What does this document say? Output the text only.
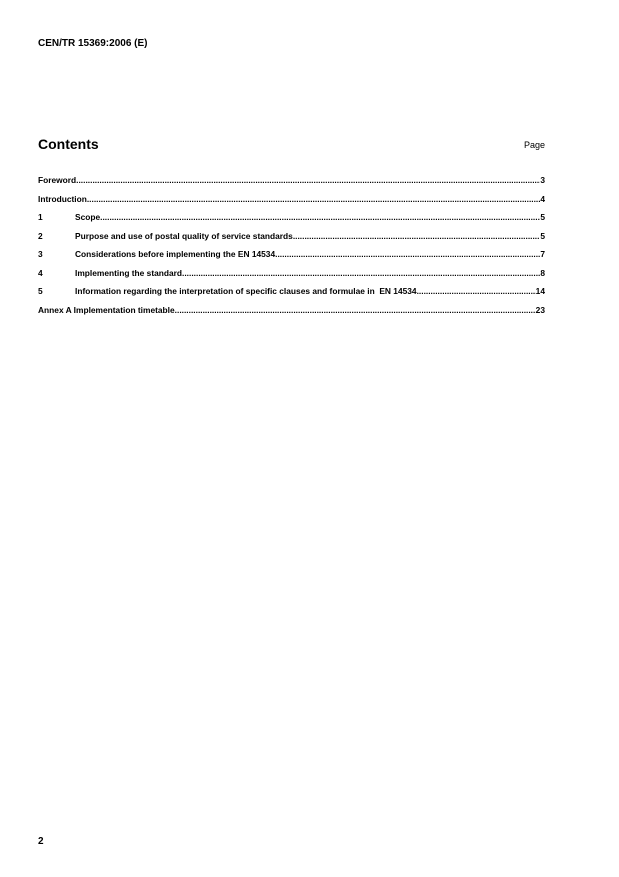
CEN/TR 15369:2006 (E)
Contents	Page
Foreword .....	3
Introduction .....	4
1	Scope .....	5
2	Purpose and use of postal quality of service standards .....	5
3	Considerations before implementing the EN 14534 .....	7
4	Implementing the standard .....	8
5	Information regarding the interpretation of specific clauses and formulae in  EN 14534 .....	14
Annex A Implementation timetable .....	23
2
